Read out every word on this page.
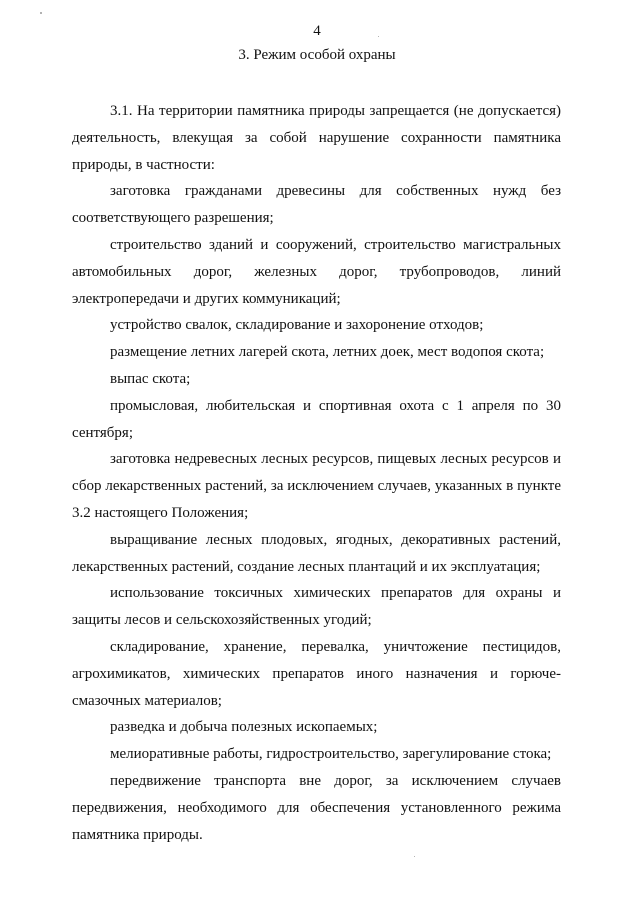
4
3. Режим особой охраны

3.1. На территории памятника природы запрещается (не допускается) деятельность, влекущая за собой нарушение сохранности памятника природы, в частности:

заготовка гражданами древесины для собственных нужд без соответствующего разрешения;

строительство зданий и сооружений, строительство магистральных автомобильных дорог, железных дорог, трубопроводов, линий электропередачи и других коммуникаций;

устройство свалок, складирование и захоронение отходов;

размещение летних лагерей скота, летних доек, мест водопоя скота;

выпас скота;

промысловая, любительская и спортивная охота с 1 апреля по 30 сентября;

заготовка недревесных лесных ресурсов, пищевых лесных ресурсов и сбор лекарственных растений, за исключением случаев, указанных в пункте 3.2 настоящего Положения;

выращивание лесных плодовых, ягодных, декоративных растений, лекарственных растений, создание лесных плантаций и их эксплуатация;

использование токсичных химических препаратов для охраны и защиты лесов и сельскохозяйственных угодий;

складирование, хранение, перевалка, уничтожение пестицидов, агрохимикатов, химических препаратов иного назначения и горюче-смазочных материалов;

разведка и добыча полезных ископаемых;

мелиоративные работы, гидростроительство, зарегулирование стока;

передвижение транспорта вне дорог, за исключением случаев передвижения, необходимого для обеспечения установленного режима памятника природы.
